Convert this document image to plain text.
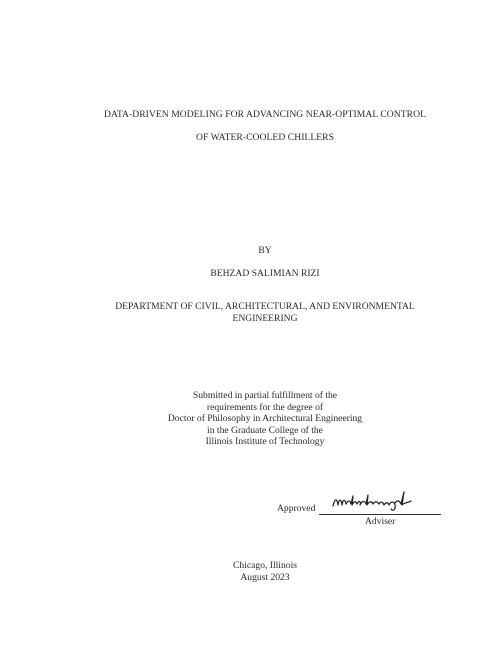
DATA-DRIVEN MODELING FOR ADVANCING NEAR-OPTIMAL CONTROL
OF WATER-COOLED CHILLERS
BY
BEHZAD SALIMIAN RIZI
DEPARTMENT OF CIVIL, ARCHITECTURAL, AND ENVIRONMENTAL
ENGINEERING
Submitted in partial fulfillment of the
requirements for the degree of
Doctor of Philosophy in Architectural Engineering
in the Graduate College of the
Illinois Institute of Technology
Approved
Adviser
Chicago, Illinois
August 2023
